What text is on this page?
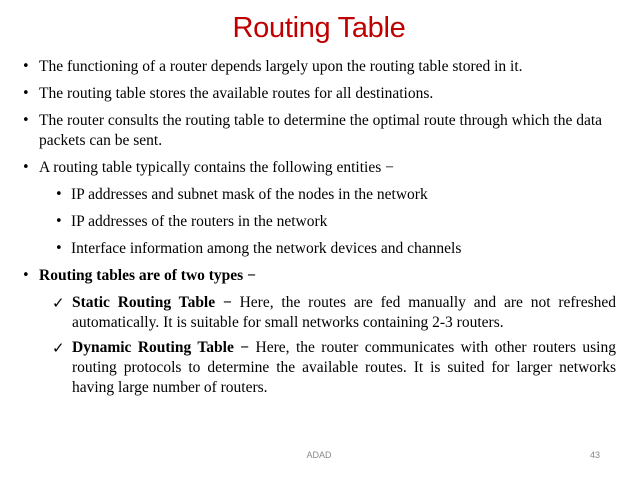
Routing Table
• The functioning of a router depends largely upon the routing table stored in it.
• The routing table stores the available routes for all destinations.
• The router consults the routing table to determine the optimal route through which the data packets can be sent.
• A routing table typically contains the following entities −
• IP addresses and subnet mask of the nodes in the network
• IP addresses of the routers in the network
• Interface information among the network devices and channels
• Routing tables are of two types −
✓ Static Routing Table − Here, the routes are fed manually and are not refreshed automatically. It is suitable for small networks containing 2-3 routers.
✓ Dynamic Routing Table − Here, the router communicates with other routers using routing protocols to determine the available routes. It is suited for larger networks having large number of routers.
ADAD	43
